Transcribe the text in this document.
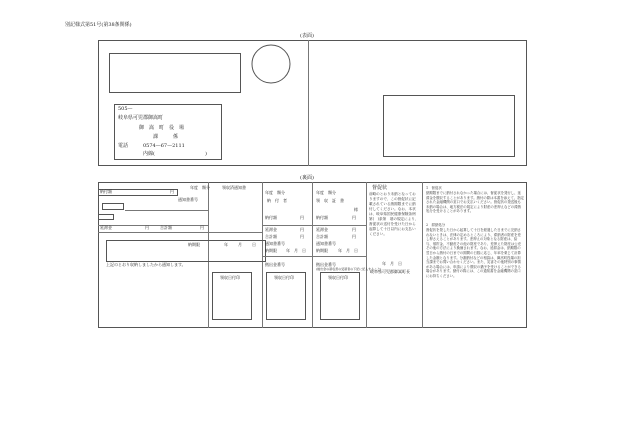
別記様式第51号(第38条関係)
(表面)
505—
岐阜県可児郡御嵩町
御　嵩　町　役　場
課　　　係
電話	0574—67—2111
内線(	)
(裏面)
納付額	円
通知書番号
延滞金	円	合計額	円
納期限	年	月	日
上記のとおり収納しましたから通知します。
領収日付印
年度　類分	領収済通知書
年度　類分
納　付　者
納付額	円
延滞金	円
合計額	円
通知書番号
納期限 年　月　日
拠出金番号
領収日付印
年度　類分
領　収　証　書
様
納付額	円
延滞金	円
合計額	円
通知書番号
納期限	年　月　日
拠出金番号
(拠出金の領収書の受領者の下記に記入すること)
領収日付印
督促状
前略のとおり未納となっておりますので、この督促状に記載されている納期限までに納付してください。なお、本状は、岐阜県国民健康保険条例第(　)条第　項の規定により、督促状の送付を受けた日から起算して十日以内にお支払いください。
年　月　日
岐阜県可児郡御嵩町長
1　督促状
納期限までに納付されなかった場合には、督促状を発行し、延滞金を徴収することがあります。納付の際は本書を添えて、指定された金融機関の窓口でお支払いください。督促状の発送後も未納の場合は、地方税法の規定により財産の差押えなどの滞納処分を受けることがあります。
2　滞納処分
督促状を発した日から起算して十日を経過した日までに完納されないときは、法律の定めるところにより、滞納者の財産を差し押さえることがあります。差押えの対象となる財産は、給与、預貯金、不動産その他の財産であり、差押えた財産は公売その他の方法により換価されます。なお、延滞金は、納期限の翌日から納付の日までの期間の日数に応じ、年率を乗じて計算した金額となります。分割納付などの相談は、御嵩町役場の担当課までお問い合わせください。また、災害その他特別の事情がある場合には、申請により徴収の猶予を受けることができる場合があります。納付の際には、この通知書を金融機関の窓口にお持ちください。
